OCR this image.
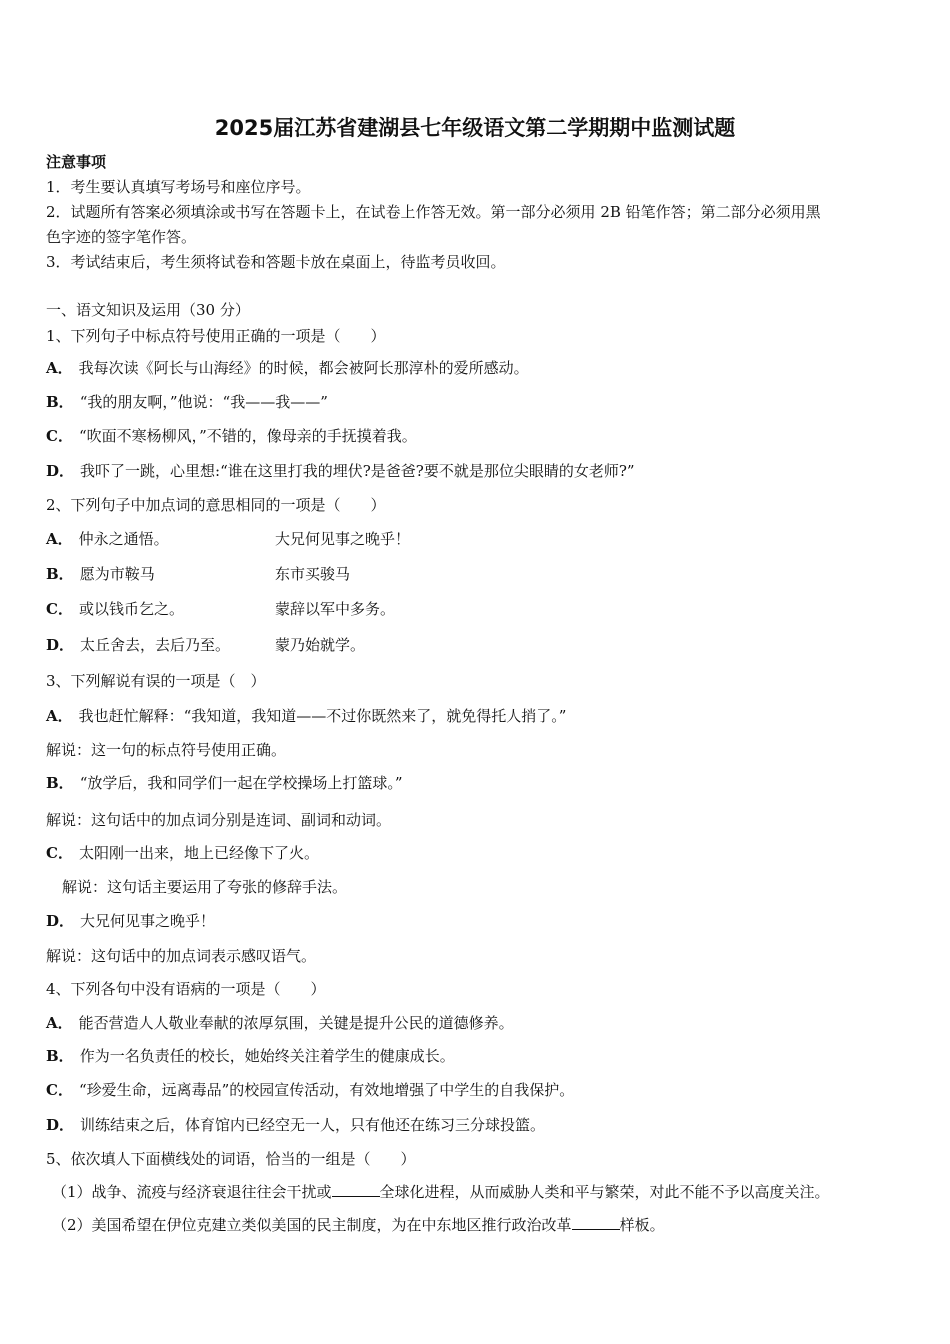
2025届江苏省建湖县七年级语文第二学期期中监测试题
注意事项
1．考生要认真填写考场号和座位序号。
2．试题所有答案必须填涂或书写在答题卡上，在试卷上作答无效。第一部分必须用 2B 铅笔作答；第二部分必须用黑
色字迹的签字笔作答。
3．考试结束后，考生须将试卷和答题卡放在桌面上，待监考员收回。
一、语文知识及运用（30 分）
1、下列句子中标点符号使用正确的一项是（　　）
A． 我每次读《阿长与山海经》的时候，都会被阿长那淳朴的爱所感动。
B． “我的朋友啊，”他说：“我——我——”
C． “吹面不寒杨柳风，”不错的，像母亲的手抚摸着我。
D． 我吓了一跳，心里想:“谁在这里打我的埋伏?是爸爸?要不就是那位尖眼睛的女老师?”
2、下列句子中加点词的意思相同的一项是（　　）
A． 仲永之通悟。	大兄何见事之晚乎！
B． 愿为市鞍马	东市买骏马
C． 或以钱币乞之。	蒙辞以军中多务。
D． 太丘舍去，去后乃至。	蒙乃始就学。
3、下列解说有误的一项是（　）
A． 我也赶忙解释：“我知道，我知道——不过你既然来了，就免得托人捎了。”
解说：这一句的标点符号使用正确。
B． “放学后，我和同学们一起在学校操场上打篮球。”
解说：这句话中的加点词分别是连词、副词和动词。
C． 太阳刚一出来，地上已经像下了火。
解说：这句话主要运用了夸张的修辞手法。
D． 大兄何见事之晚乎！
解说：这句话中的加点词表示感叹语气。
4、下列各句中没有语病的一项是（　　）
A． 能否营造人人敬业奉献的浓厚氛围，关键是提升公民的道德修养。
B． 作为一名负责任的校长，她始终关注着学生的健康成长。
C． “珍爱生命，远离毒品”的校园宣传活动，有效地增强了中学生的自我保护。
D． 训练结束之后，体育馆内已经空无一人，只有他还在练习三分球投篮。
5、依次填人下面横线处的词语，恰当的一组是（　　）
（1）战争、流疫与经济衰退往往会干扰或	全球化进程，从而威胁人类和平与繁荣，对此不能不予以高度关注。
（2）美国希望在伊位克建立类似美国的民主制度，为在中东地区推行政治改革	样板。
